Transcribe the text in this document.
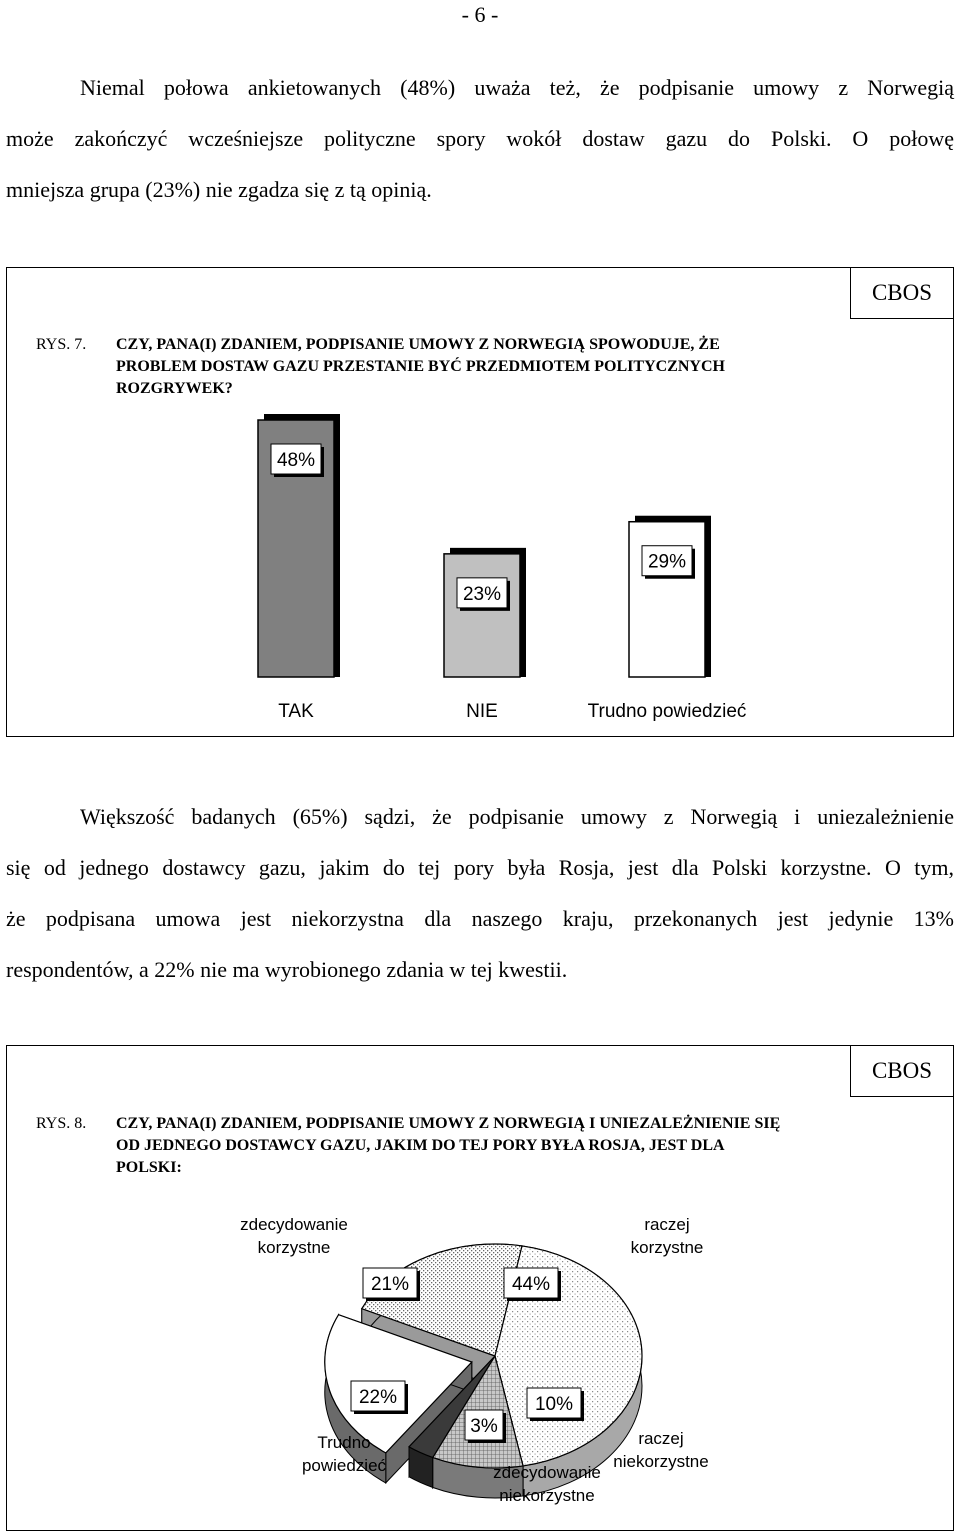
- 6 -
Niemal połowa ankietowanych (48%) uważa też, że podpisanie umowy z Norwegią
może zakończyć wcześniejsze polityczne spory wokół dostaw gazu do Polski. O połowę
mniejsza grupa (23%) nie zgadza się z tą opinią.
CBOS
RYS. 7. CZY, PANA(I) ZDANIEM, PODPISANIE UMOWY Z NORWEGIĄ SPOWODUJE, ŻE
PROBLEM DOSTAW GAZU PRZESTANIE BYĆ PRZEDMIOTEM POLITYCZNYCH
ROZGRYWEK?
48%
TAK
23%
NIE
29%
Trudno powiedzieć
Większość badanych (65%) sądzi, że podpisanie umowy z Norwegią i uniezależnienie
się od jednego dostawcy gazu, jakim do tej pory była Rosja, jest dla Polski korzystne. O tym,
że podpisana umowa jest niekorzystna dla naszego kraju, przekonanych jest jedynie 13%
respondentów, a 22% nie ma wyrobionego zdania w tej kwestii.
CBOS
RYS. 8. CZY, PANA(I) ZDANIEM, PODPISANIE UMOWY Z NORWEGIĄ I UNIEZALEŻNIENIE SIĘ
OD JEDNEGO DOSTAWCY GAZU, JAKIM DO TEJ PORY BYŁA ROSJA, JEST DLA
POLSKI:
21%	44%
10%
3%
22%
zdecydowanie korzystne
raczej korzystne
raczej niekorzystne
zdecydowanie niekorzystne
Trudno powiedzieć
